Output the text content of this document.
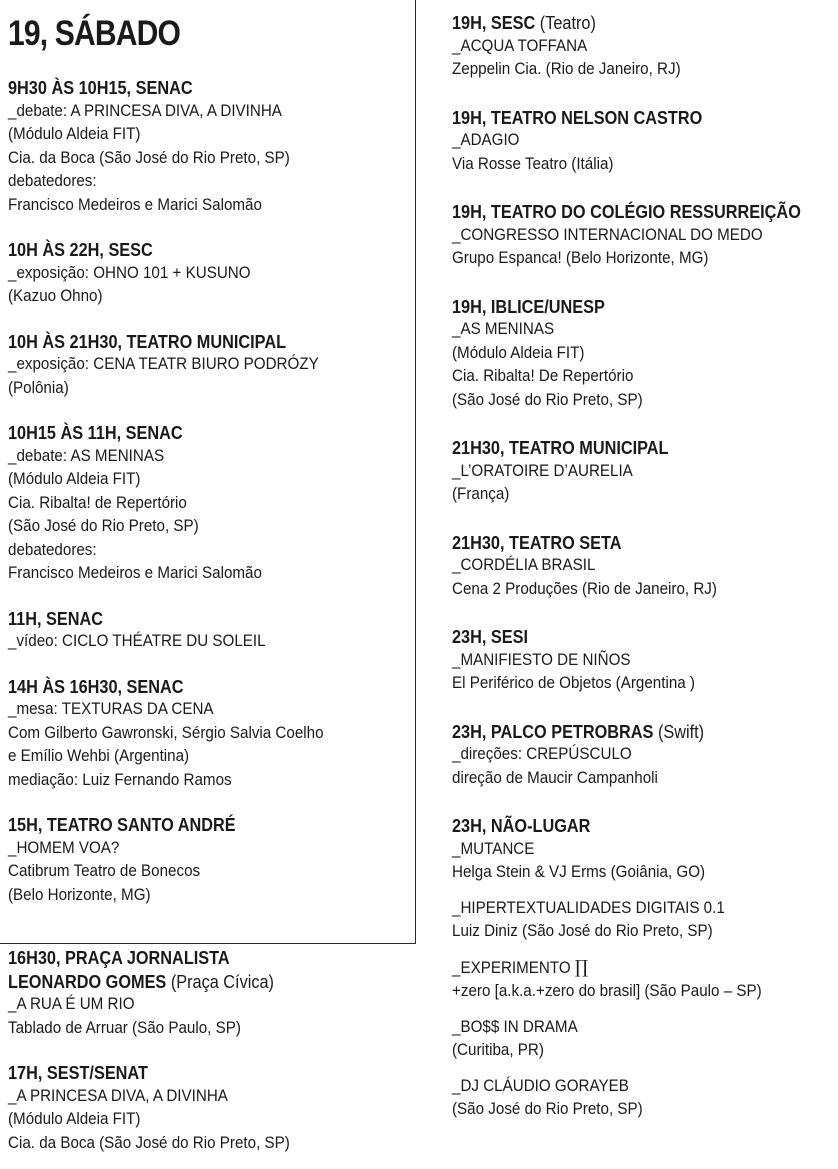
19, SÁBADO
9H30 ÀS 10H15, SENAC
_debate: A PRINCESA DIVA, A DIVINHA
(Módulo Aldeia FIT)
Cia. da Boca (São José do Rio Preto, SP)
debatedores:
Francisco Medeiros e Marici Salomão
10H ÀS 22H, SESC
_exposição: OHNO 101 + KUSUNO
(Kazuo Ohno)
10H ÀS 21H30, TEATRO MUNICIPAL
_exposição: CENA TEATR BIURO PODRÓZY
(Polônia)
10H15 ÀS 11H, SENAC
_debate: AS MENINAS
(Módulo Aldeia FIT)
Cia. Ribalta! de Repertório
(São José do Rio Preto, SP)
debatedores:
Francisco Medeiros e Marici Salomão
11H, SENAC
_vídeo: CICLO THÉATRE DU SOLEIL
14H ÀS 16H30, SENAC
_mesa: TEXTURAS DA CENA
Com Gilberto Gawronski, Sérgio Salvia Coelho
e Emílio Wehbi (Argentina)
mediação: Luiz Fernando Ramos
15H, TEATRO SANTO ANDRÉ
_HOMEM VOA?
Catibrum Teatro de Bonecos
(Belo Horizonte, MG)
16H30, PRAÇA JORNALISTA
LEONARDO GOMES (Praça Cívica)
_A RUA É UM RIO
Tablado de Arruar (São Paulo, SP)
17H, SEST/SENAT
_A PRINCESA DIVA, A DIVINHA
(Módulo Aldeia FIT)
Cia. da Boca (São José do Rio Preto, SP)
19H, SESC (Teatro)
_ACQUA TOFFANA
Zeppelin Cia. (Rio de Janeiro, RJ)
19H, TEATRO NELSON CASTRO
_ADAGIO
Via Rosse Teatro (Itália)
19H, TEATRO DO COLÉGIO RESSURREIÇÃO
_CONGRESSO INTERNACIONAL DO MEDO
Grupo Espanca! (Belo Horizonte, MG)
19H, IBLICE/UNESP
_AS MENINAS
(Módulo Aldeia FIT)
Cia. Ribalta! De Repertório
(São José do Rio Preto, SP)
21H30, TEATRO MUNICIPAL
_L’ORATOIRE D’AURELIA
(França)
21H30, TEATRO SETA
_CORDÉLIA BRASIL
Cena 2 Produções (Rio de Janeiro, RJ)
23H, SESI
_MANIFIESTO DE NIÑOS
El Periférico de Objetos (Argentina )
23H, PALCO PETROBRAS (Swift)
_direções: CREPÚSCULO
direção de Maucir Campanholi
23H, NÃO-LUGAR
_MUTANCE
Helga Stein & VJ Erms (Goiânia, GO)
_HIPERTEXTUALIDADES DIGITAIS 0.1
Luiz Diniz (São José do Rio Preto, SP)
_EXPERIMENTO ∏
+zero [a.k.a.+zero do brasil] (São Paulo – SP)
_BO$$ IN DRAMA
(Curitiba, PR)
_DJ CLÁUDIO GORAYEB
(São José do Rio Preto, SP)
